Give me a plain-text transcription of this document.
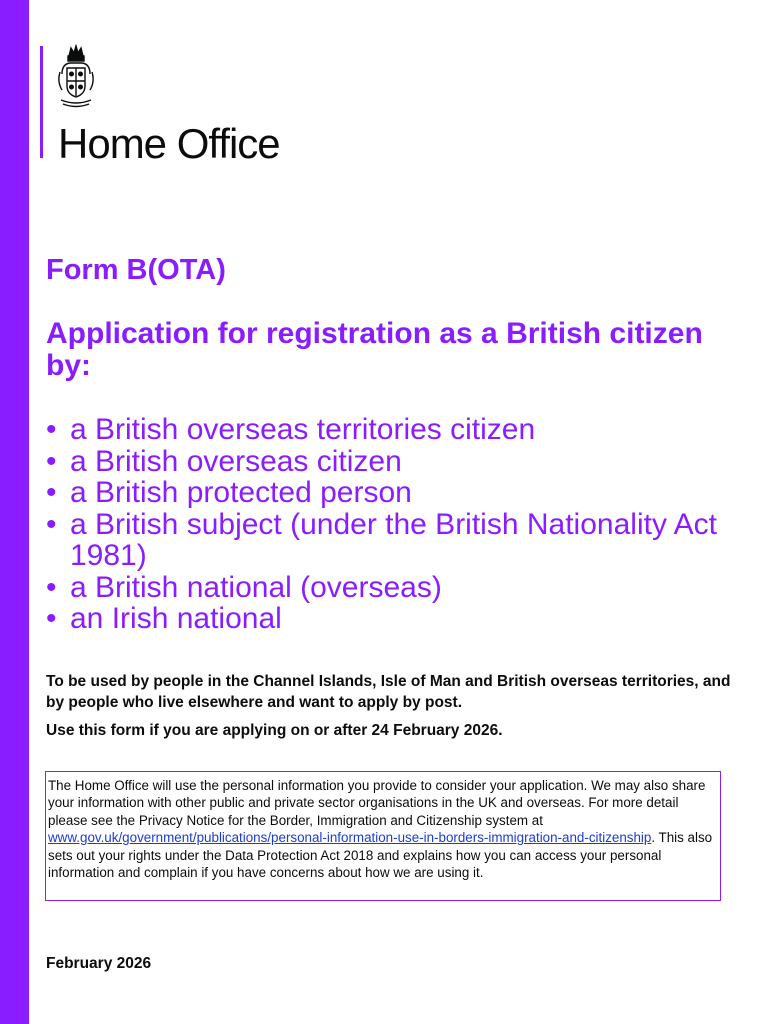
Home Office
Form B(OTA)
Application for registration as a British citizen by:
• a British overseas territories citizen
• a British overseas citizen
• a British protected person
• a British subject (under the British Nationality Act 1981)
• a British national (overseas)
• an Irish national

To be used by people in the Channel Islands, Isle of Man and British overseas territories, and by people who live elsewhere and want to apply by post.

Use this form if you are applying on or after 24 February 2026.

The Home Office will use the personal information you provide to consider your application. We may also share your information with other public and private sector organisations in the UK and overseas. For more detail please see the Privacy Notice for the Border, Immigration and Citizenship system at www.gov.uk/government/publications/personal-information-use-in-borders-immigration-and-citizenship. This also sets out your rights under the Data Protection Act 2018 and explains how you can access your personal information and complain if you have concerns about how we are using it.

February 2026
